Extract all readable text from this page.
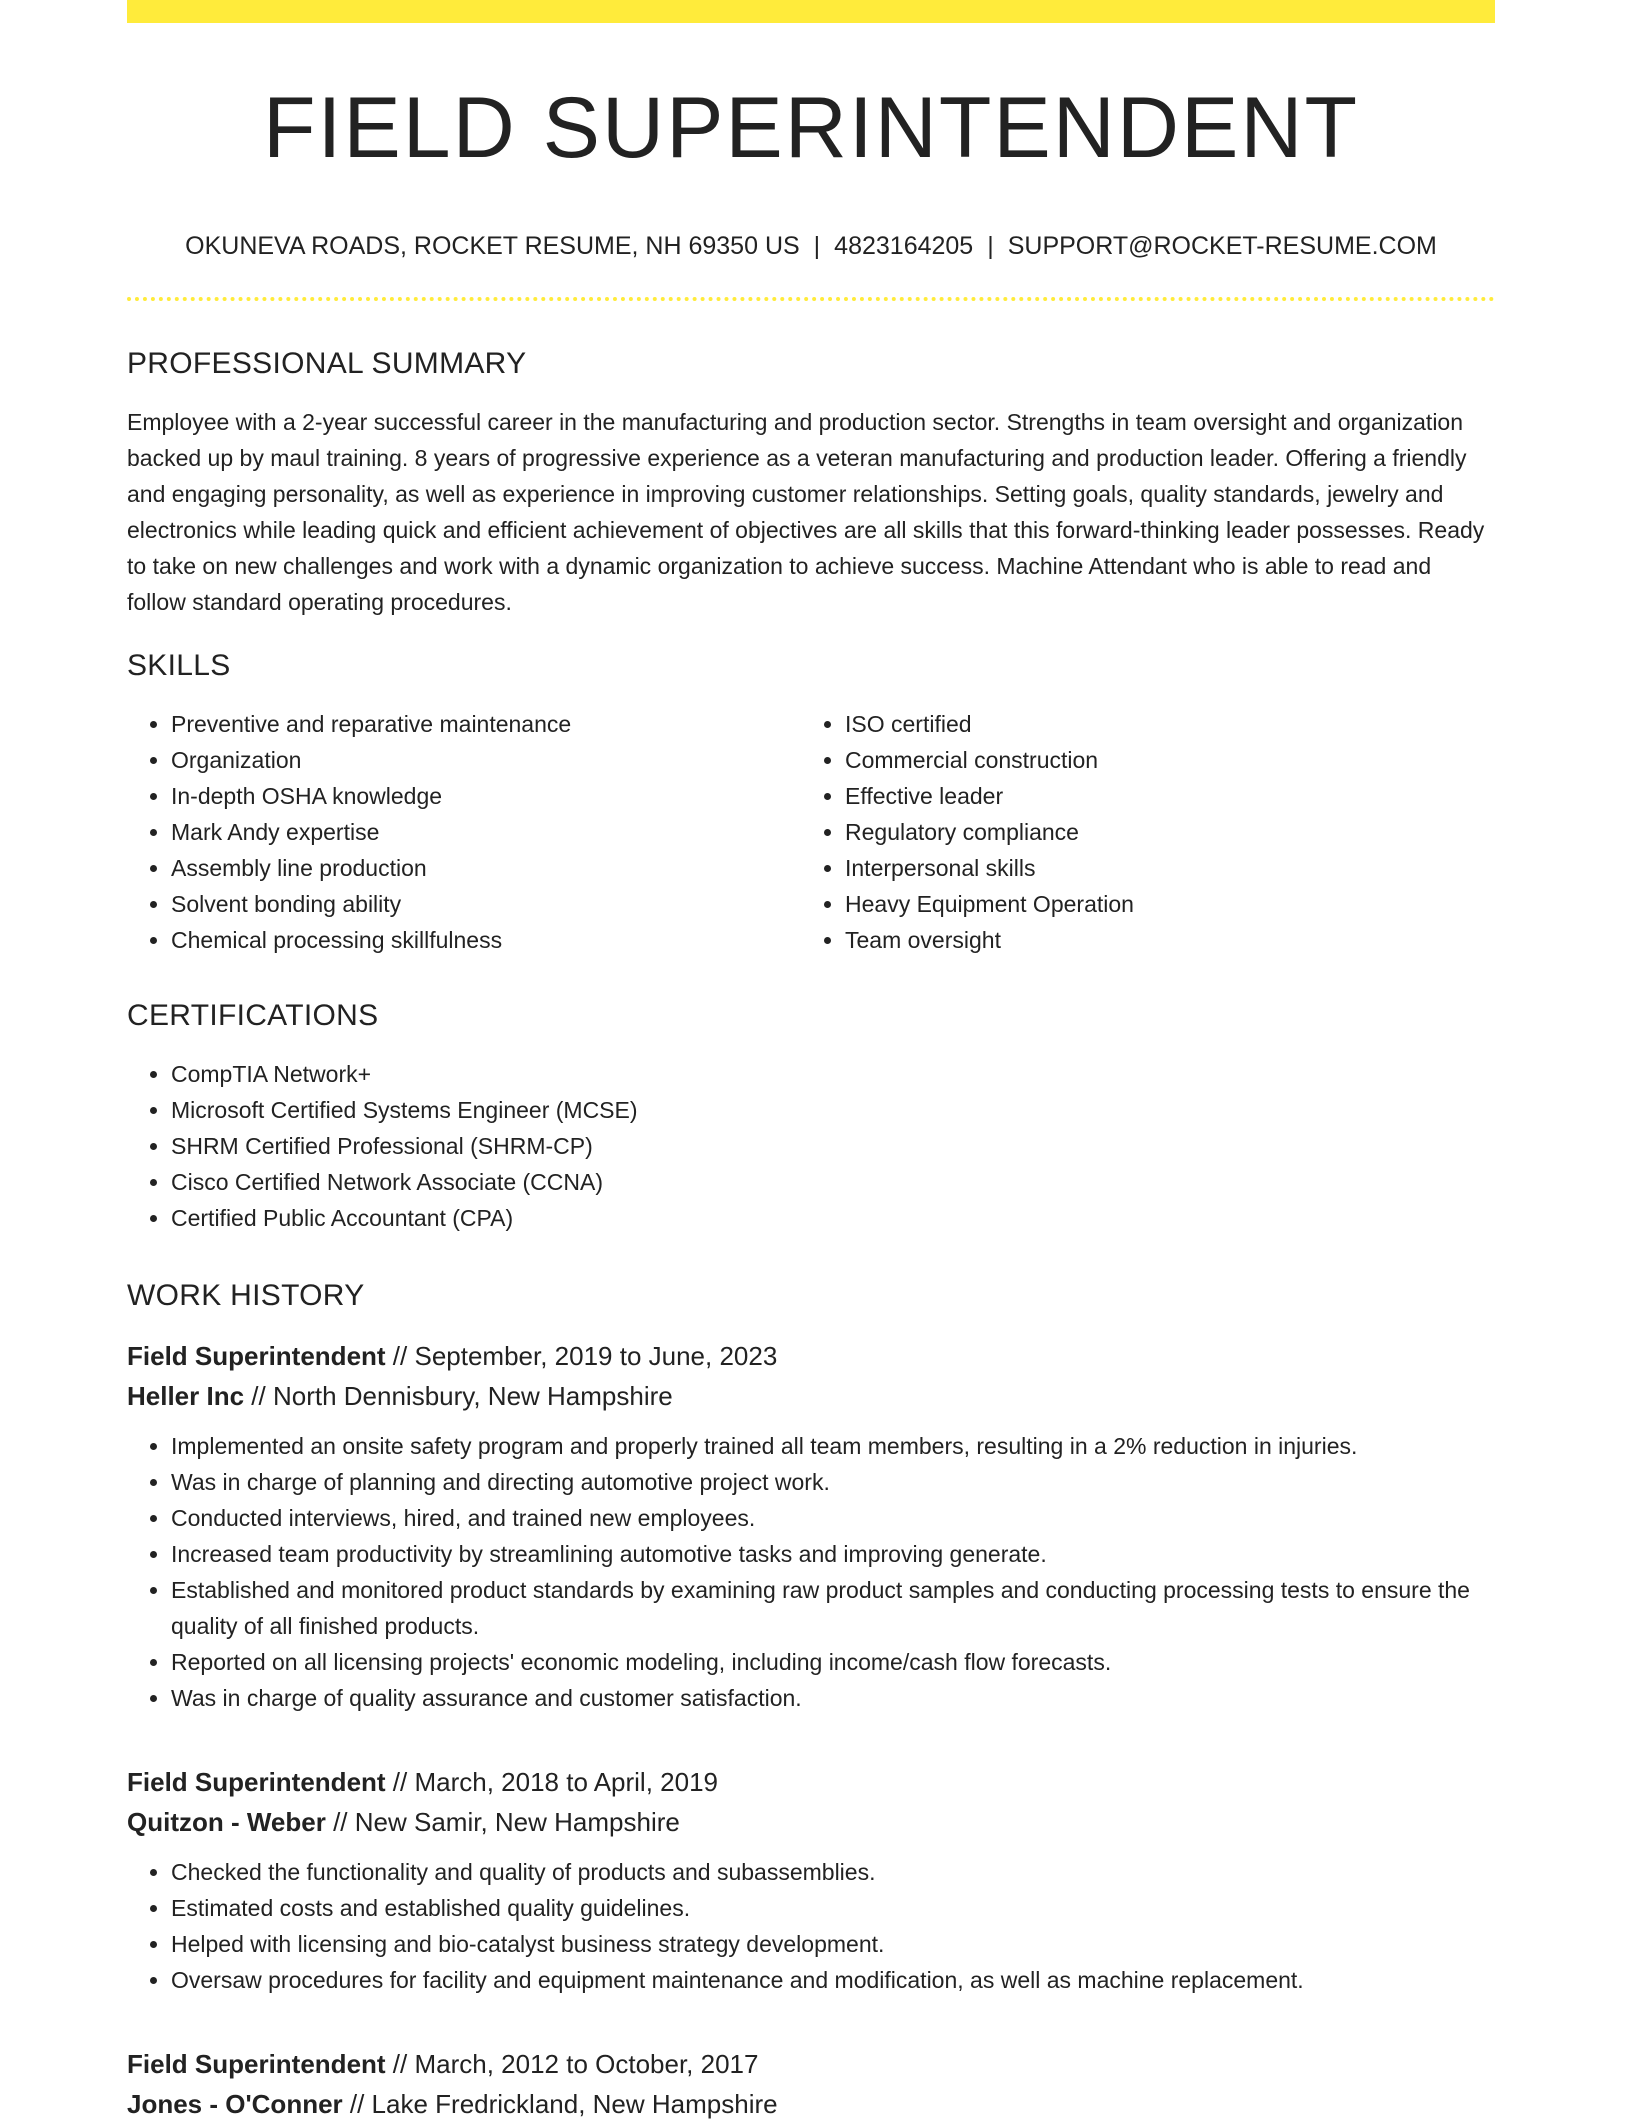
FIELD SUPERINTENDENT
OKUNEVA ROADS, ROCKET RESUME, NH 69350 US | 4823164205 | SUPPORT@ROCKET-RESUME.COM
PROFESSIONAL SUMMARY
Employee with a 2-year successful career in the manufacturing and production sector. Strengths in team oversight and organization backed up by maul training. 8 years of progressive experience as a veteran manufacturing and production leader. Offering a friendly and engaging personality, as well as experience in improving customer relationships. Setting goals, quality standards, jewelry and electronics while leading quick and efficient achievement of objectives are all skills that this forward-thinking leader possesses. Ready to take on new challenges and work with a dynamic organization to achieve success. Machine Attendant who is able to read and follow standard operating procedures.
SKILLS
• Preventive and reparative maintenance
• Organization
• In-depth OSHA knowledge
• Mark Andy expertise
• Assembly line production
• Solvent bonding ability
• Chemical processing skillfulness
• ISO certified
• Commercial construction
• Effective leader
• Regulatory compliance
• Interpersonal skills
• Heavy Equipment Operation
• Team oversight
CERTIFICATIONS
• CompTIA Network+
• Microsoft Certified Systems Engineer (MCSE)
• SHRM Certified Professional (SHRM-CP)
• Cisco Certified Network Associate (CCNA)
• Certified Public Accountant (CPA)
WORK HISTORY
Field Superintendent // September, 2019 to June, 2023
Heller Inc // North Dennisbury, New Hampshire
• Implemented an onsite safety program and properly trained all team members, resulting in a 2% reduction in injuries.
• Was in charge of planning and directing automotive project work.
• Conducted interviews, hired, and trained new employees.
• Increased team productivity by streamlining automotive tasks and improving generate.
• Established and monitored product standards by examining raw product samples and conducting processing tests to ensure the quality of all finished products.
• Reported on all licensing projects' economic modeling, including income/cash flow forecasts.
• Was in charge of quality assurance and customer satisfaction.
Field Superintendent // March, 2018 to April, 2019
Quitzon - Weber // New Samir, New Hampshire
• Checked the functionality and quality of products and subassemblies.
• Estimated costs and established quality guidelines.
• Helped with licensing and bio-catalyst business strategy development.
• Oversaw procedures for facility and equipment maintenance and modification, as well as machine replacement.
Field Superintendent // March, 2012 to October, 2017
Jones - O'Conner // Lake Fredrickland, New Hampshire
